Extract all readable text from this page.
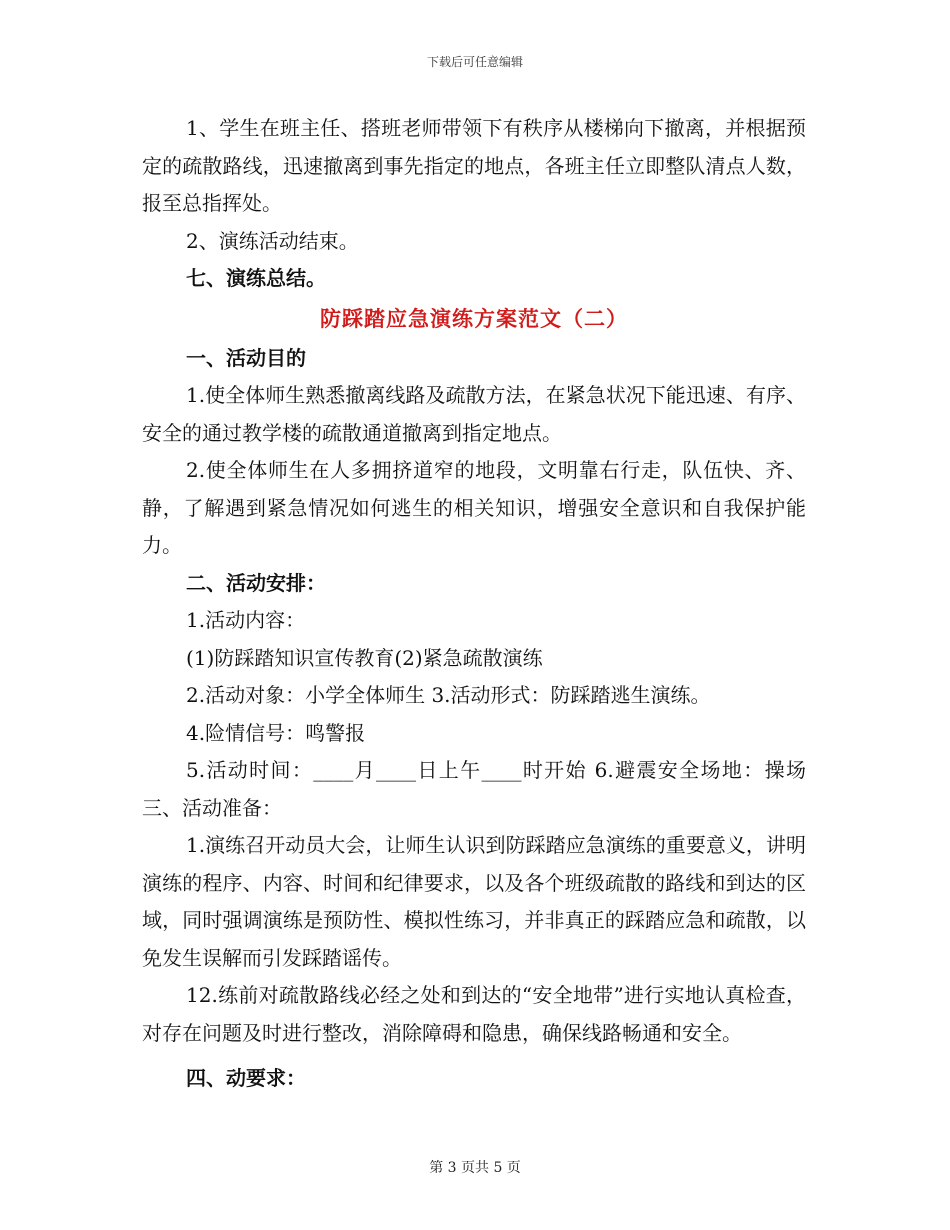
下载后可任意编辑

1、学生在班主任、搭班老师带领下有秩序从楼梯向下撤离，并根据预定的疏散路线，迅速撤离到事先指定的地点，各班主任立即整队清点人数，报至总指挥处。

2、演练活动结束。

七、演练总结。

防踩踏应急演练方案范文（二）

一、活动目的

1.使全体师生熟悉撤离线路及疏散方法，在紧急状况下能迅速、有序、安全的通过教学楼的疏散通道撤离到指定地点。

2.使全体师生在人多拥挤道窄的地段，文明靠右行走，队伍快、齐、静，了解遇到紧急情况如何逃生的相关知识，增强安全意识和自我保护能力。

二、活动安排：

1.活动内容：

(1)防踩踏知识宣传教育(2)紧急疏散演练

2.活动对象：小学全体师生 3.活动形式：防踩踏逃生演练。

4.险情信号：鸣警报

5.活动时间：____月____日上午____时开始 6.避震安全场地：操场三、活动准备：

1.演练召开动员大会，让师生认识到防踩踏应急演练的重要意义，讲明演练的程序、内容、时间和纪律要求，以及各个班级疏散的路线和到达的区域，同时强调演练是预防性、模拟性练习，并非真正的踩踏应急和疏散，以免发生误解而引发踩踏谣传。

12.练前对疏散路线必经之处和到达的“安全地带”进行实地认真检查，对存在问题及时进行整改，消除障碍和隐患，确保线路畅通和安全。

四、动要求：

第 3 页共 5 页
